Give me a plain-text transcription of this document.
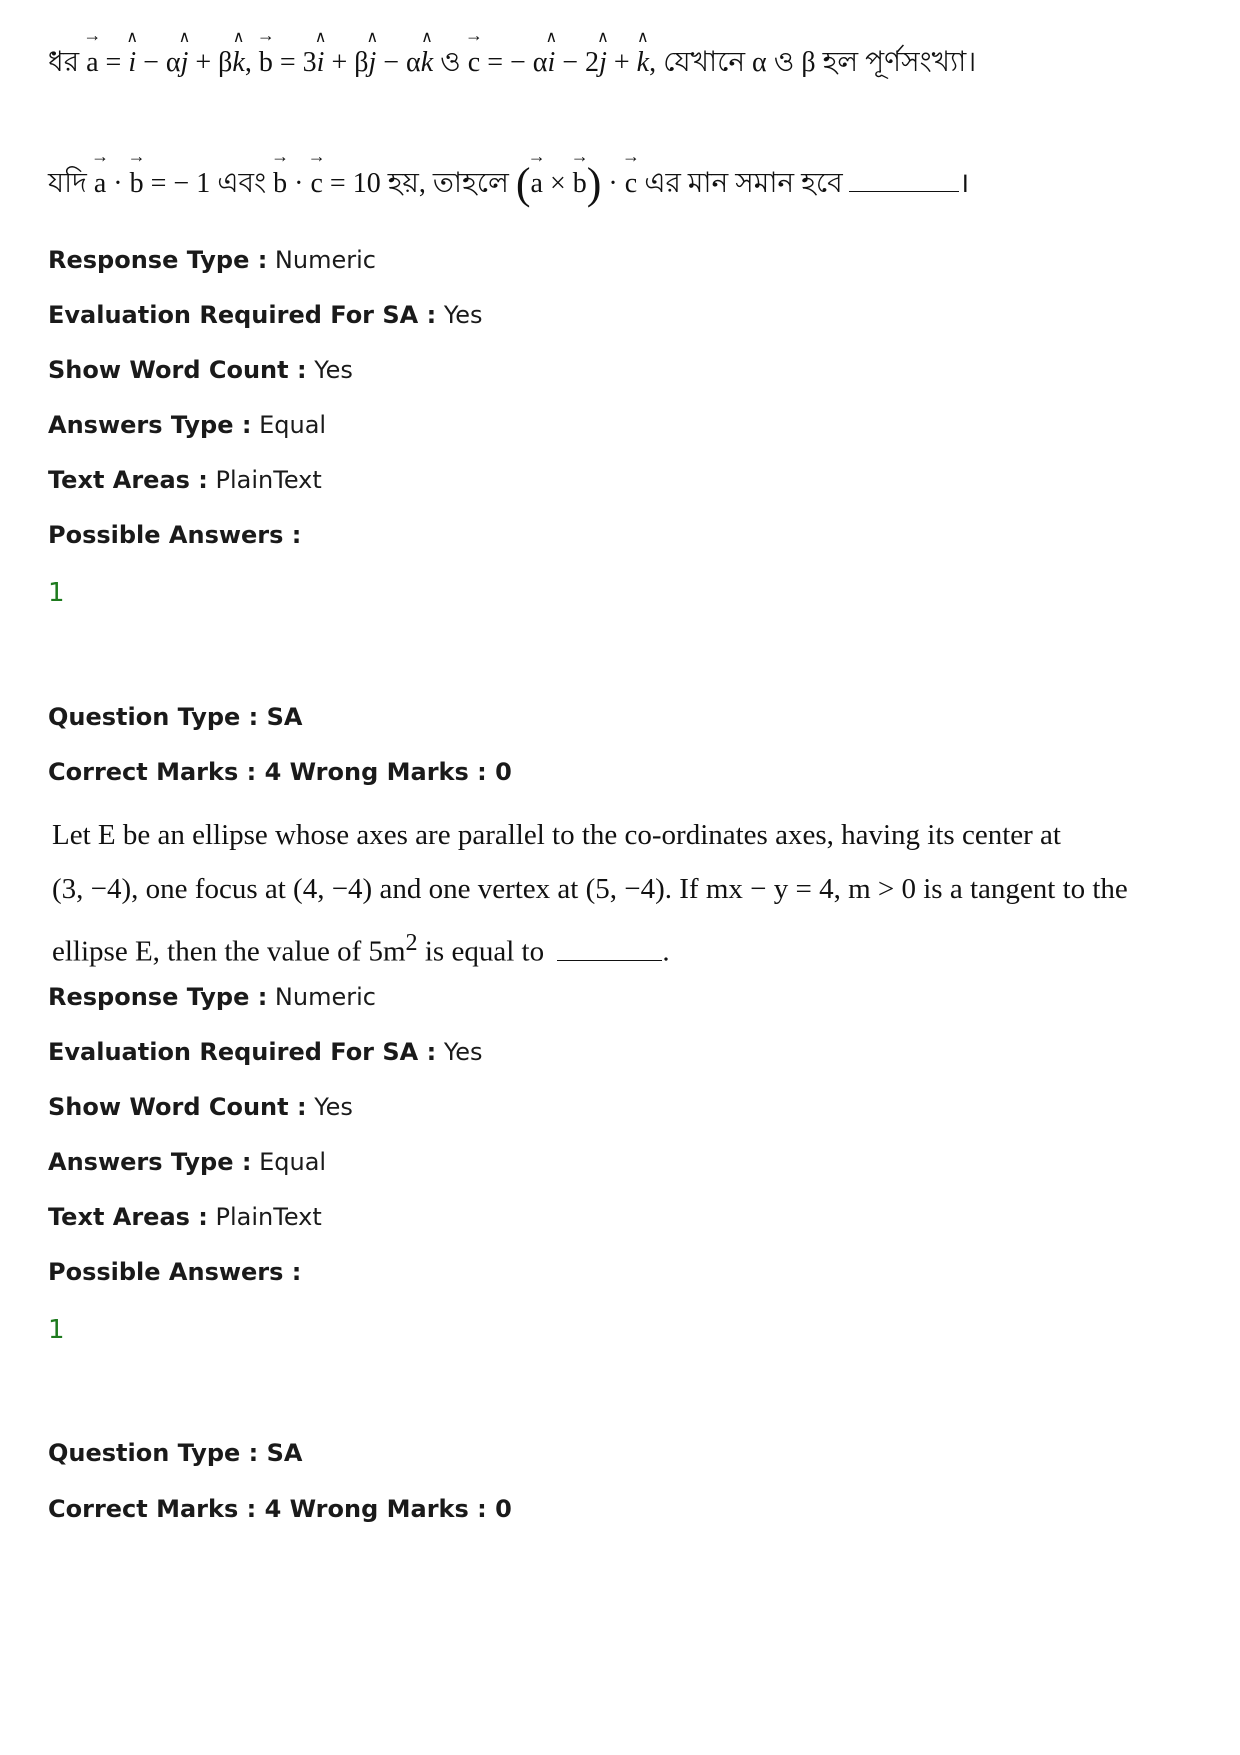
ধর → a = ∧ i − α∧ j + β∧ k, → b = 3∧ i + β∧ j − α∧ k ও → c = − α∧ i − 2∧ j + ∧ k, যেখানে α ও β হল পূর্ণসংখ্যা।
যদি → a · → b = − 1 এবং → b · → c = 10 হয়, তাহলে (→ a × → b) · → c এর মান সমান হবে	।
Response Type : Numeric
Evaluation Required For SA : Yes
Show Word Count : Yes
Answers Type : Equal
Text Areas : PlainText
Possible Answers :
1
Question Type : SA
Correct Marks : 4 Wrong Marks : 0

Let E be an ellipse whose axes are parallel to the co-ordinates axes, having its center at

(3, −4), one focus at (4, −4) and one vertex at (5, −4). If mx − y = 4, m > 0 is a tangent to the

ellipse E, then the value of $5m^2$ is equal to	.

Response Type : Numeric
Evaluation Required For SA : Yes
Show Word Count : Yes
Answers Type : Equal
Text Areas : PlainText
Possible Answers :
1
Question Type : SA
Correct Marks : 4 Wrong Marks : 0
